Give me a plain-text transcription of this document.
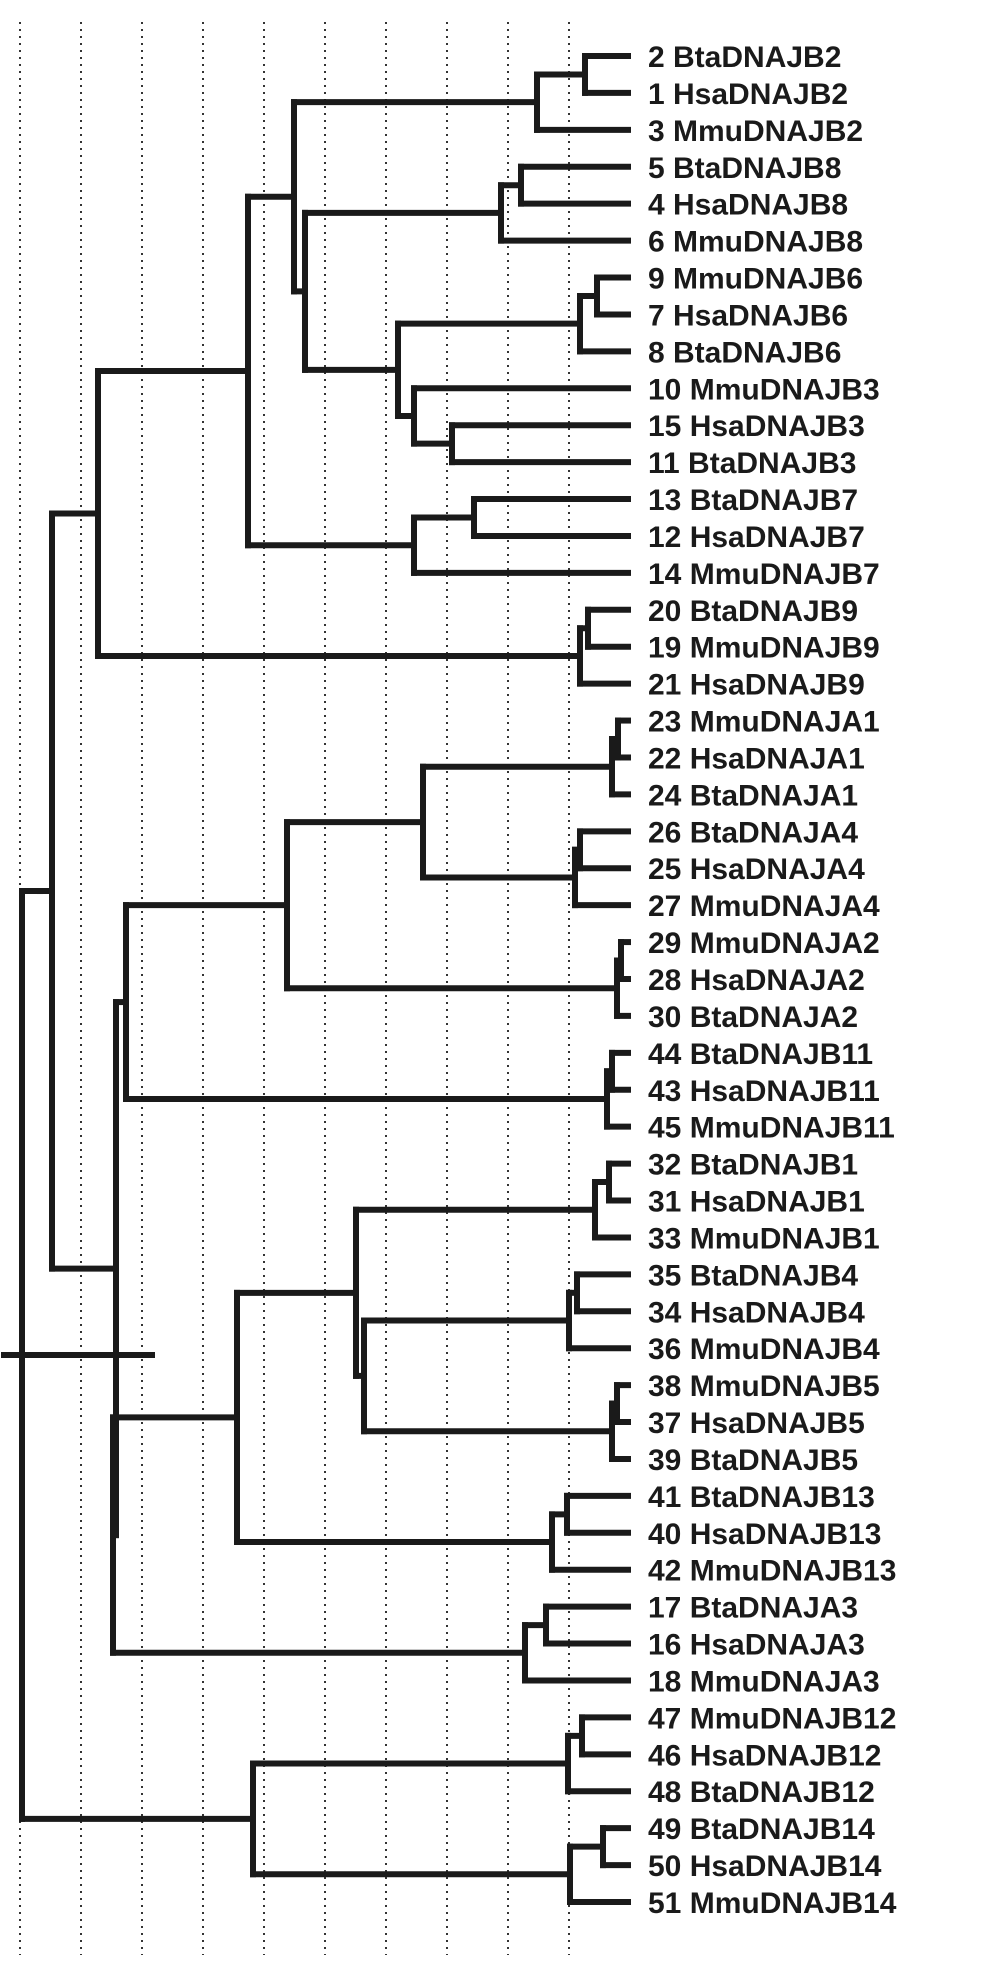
2 BtaDNAJB2
1 HsaDNAJB2
3 MmuDNAJB2
5 BtaDNAJB8
4 HsaDNAJB8
6 MmuDNAJB8
9 MmuDNAJB6
7 HsaDNAJB6
8 BtaDNAJB6
10 MmuDNAJB3
15 HsaDNAJB3
11 BtaDNAJB3
13 BtaDNAJB7
12 HsaDNAJB7
14 MmuDNAJB7
20 BtaDNAJB9
19 MmuDNAJB9
21 HsaDNAJB9
23 MmuDNAJA1
22 HsaDNAJA1
24 BtaDNAJA1
26 BtaDNAJA4
25 HsaDNAJA4
27 MmuDNAJA4
29 MmuDNAJA2
28 HsaDNAJA2
30 BtaDNAJA2
44 BtaDNAJB11
43 HsaDNAJB11
45 MmuDNAJB11
32 BtaDNAJB1
31 HsaDNAJB1
33 MmuDNAJB1
35 BtaDNAJB4
34 HsaDNAJB4
36 MmuDNAJB4
38 MmuDNAJB5
37 HsaDNAJB5
39 BtaDNAJB5
41 BtaDNAJB13
40 HsaDNAJB13
42 MmuDNAJB13
17 BtaDNAJA3
16 HsaDNAJA3
18 MmuDNAJA3
47 MmuDNAJB12
46 HsaDNAJB12
48 BtaDNAJB12
49 BtaDNAJB14
50 HsaDNAJB14
51 MmuDNAJB14
